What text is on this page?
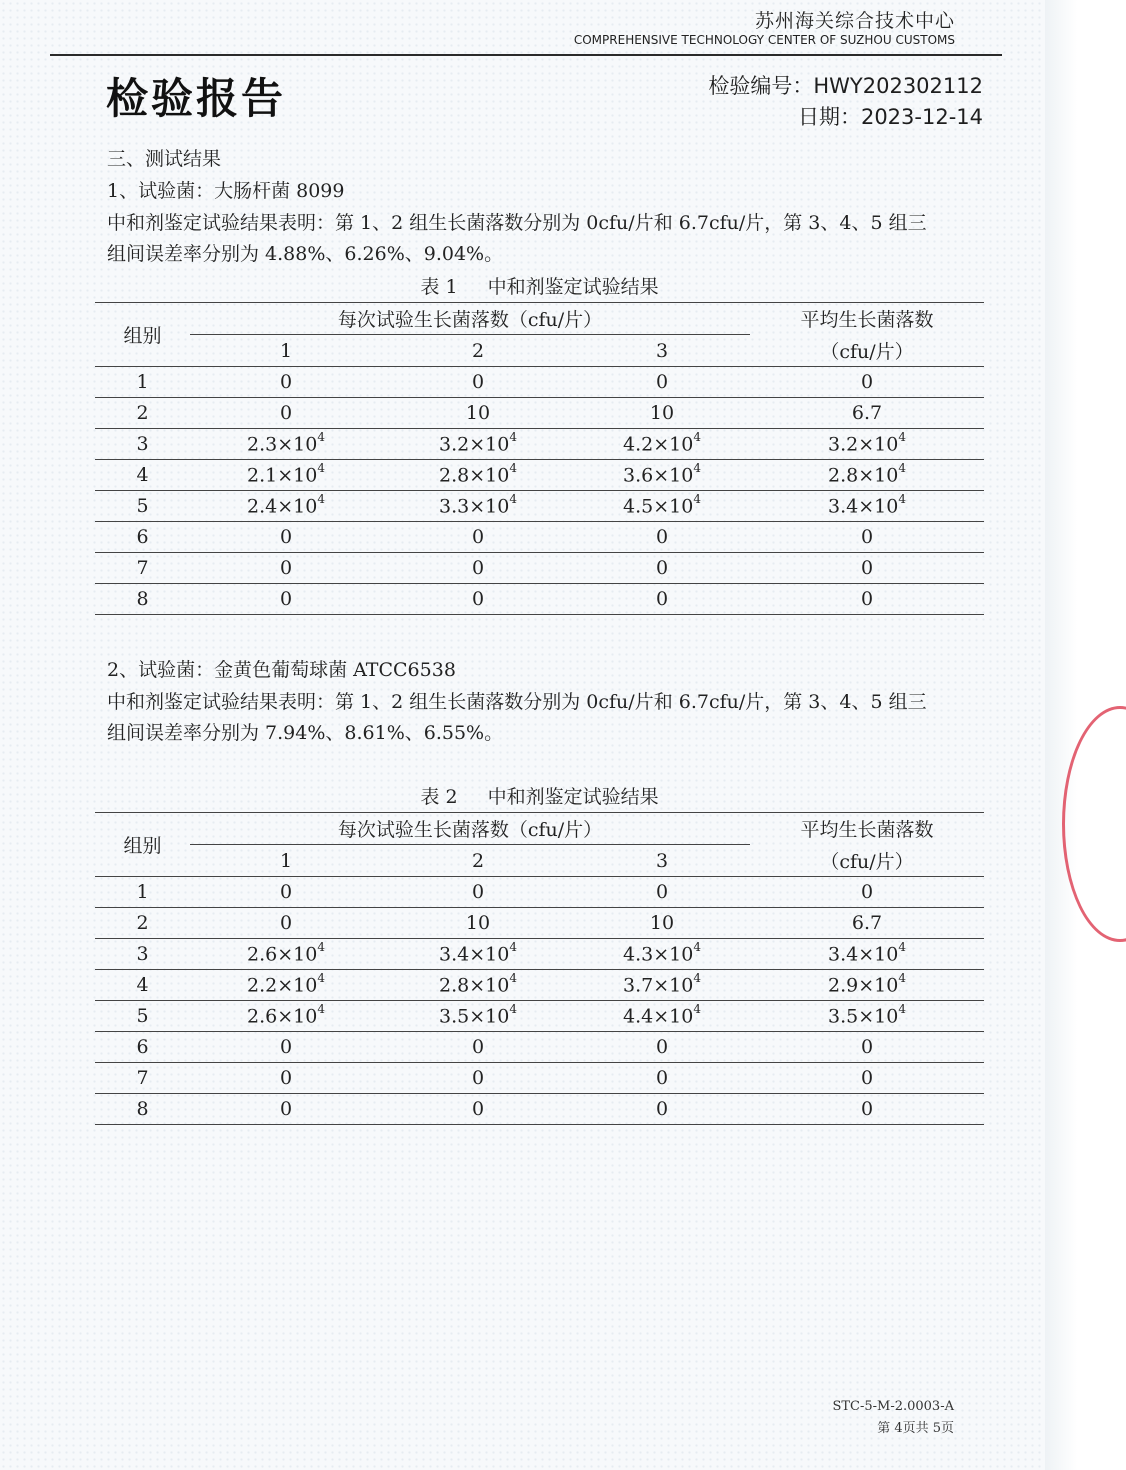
苏州海关综合技术中心
COMPREHENSIVE TECHNOLOGY CENTER OF SUZHOU CUSTOMS
检验报告	检验编号：HWY202302112
日期：2023-12-14
三、测试结果
1、试验菌：大肠杆菌 8099
中和剂鉴定试验结果表明：第 1、2 组生长菌落数分别为 0cfu/片和 6.7cfu/片，第 3、4、5 组三
组间误差率分别为 4.88%、6.26%、9.04%。
表 1 中和剂鉴定试验结果
组别	每次试验生长菌落数（cfu/片）			平均生长菌落数
	1	2	3	（cfu/片）
1	0	0	0	0
2	0	10	10	6.7
3	$2.3\times 10^4$	$3.2\times 10^4$	$4.2\times 10^4$	$3.2\times 10^4$
4	$2.1\times 10^4$	$2.8\times 10^4$	$3.6\times 10^4$	$2.8\times 10^4$
5	$2.4\times 10^4$	$3.3\times 10^4$	$4.5\times 10^4$	$3.4\times 10^4$
6	0	0	0	0
7	0	0	0	0
8	0	0	0	0
2、试验菌：金黄色葡萄球菌 ATCC6538
中和剂鉴定试验结果表明：第 1、2 组生长菌落数分别为 0cfu/片和 6.7cfu/片，第 3、4、5 组三
组间误差率分别为 7.94%、8.61%、6.55%。
表 2 中和剂鉴定试验结果
组别	每次试验生长菌落数（cfu/片）			平均生长菌落数
	1	2	3	（cfu/片）
1	0	0	0	0
2	0	10	10	6.7
3	$2.6\times 10^4$	$3.4\times 10^4$	$4.3\times 10^4$	$3.4\times 10^4$
4	$2.2\times 10^4$	$2.8\times 10^4$	$3.7\times 10^4$	$2.9\times 10^4$
5	$2.6\times 10^4$	$3.5\times 10^4$	$4.4\times 10^4$	$3.5\times 10^4$
6	0	0	0	0
7	0	0	0	0
8	0	0	0	0
STC-5-M-2.0003-A
第 4页共 5页
